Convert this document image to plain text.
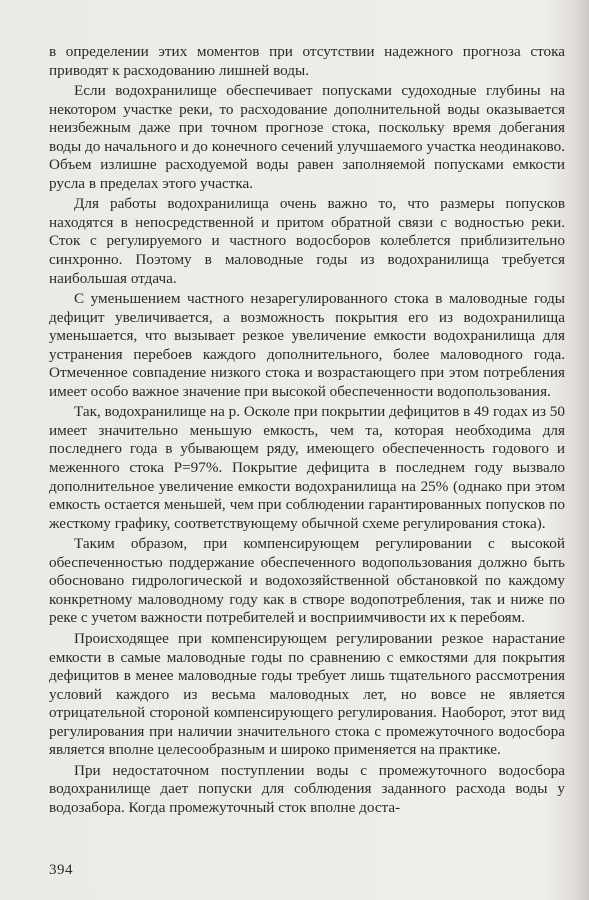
в определении этих моментов при отсутствии надежного прогноза стока приводят к расходованию лишней воды.

Если водохранилище обеспечивает попусками судоходные глубины на некотором участке реки, то расходование дополнительной воды оказывается неизбежным даже при точном прогнозе стока, поскольку время добегания воды до начального и до конечного сечений улучшаемого участка неодинаково. Объем излишне расходуемой воды равен заполняемой попусками емкости русла в пределах этого участка.

Для работы водохранилища очень важно то, что размеры попусков находятся в непосредственной и притом обратной связи с водностью реки. Сток с регулируемого и частного водосборов колеблется приблизительно синхронно. Поэтому в маловодные годы из водохранилища требуется наибольшая отдача.

С уменьшением частного незарегулированного стока в маловодные годы дефицит увеличивается, а возможность покрытия его из водохранилища уменьшается, что вызывает резкое увеличение емкости водохранилища для устранения перебоев каждого дополнительного, более маловодного года. Отмеченное совпадение низкого стока и возрастающего при этом потребления имеет особо важное значение при высокой обеспеченности водопользования.

Так, водохранилище на р. Осколе при покрытии дефицитов в 49 годах из 50 имеет значительно меньшую емкость, чем та, которая необходима для последнего года в убывающем ряду, имеющего обеспеченность годового и меженного стока P=97%. Покрытие дефицита в последнем году вызвало дополнительное увеличение емкости водохранилища на 25% (однако при этом емкость остается меньшей, чем при соблюдении гарантированных попусков по жесткому графику, соответствующему обычной схеме регулирования стока).

Таким образом, при компенсирующем регулировании с высокой обеспеченностью поддержание обеспеченного водопользования должно быть обосновано гидрологической и водохозяйственной обстановкой по каждому конкретному маловодному году как в створе водопотребления, так и ниже по реке с учетом важности потребителей и восприимчивости их к перебоям.

Происходящее при компенсирующем регулировании резкое нарастание емкости в самые маловодные годы по сравнению с емкостями для покрытия дефицитов в менее маловодные годы требует лишь тщательного рассмотрения условий каждого из весьма маловодных лет, но вовсе не является отрицательной стороной компенсирующего регулирования. Наоборот, этот вид регулирования при наличии значительного стока с промежуточного водосбора является вполне целесообразным и широко применяется на практике.

При недостаточном поступлении воды с промежуточного водосбора водохранилище дает попуски для соблюдения заданного расхода воды у водозабора. Когда промежуточный сток вполне доста-

394
